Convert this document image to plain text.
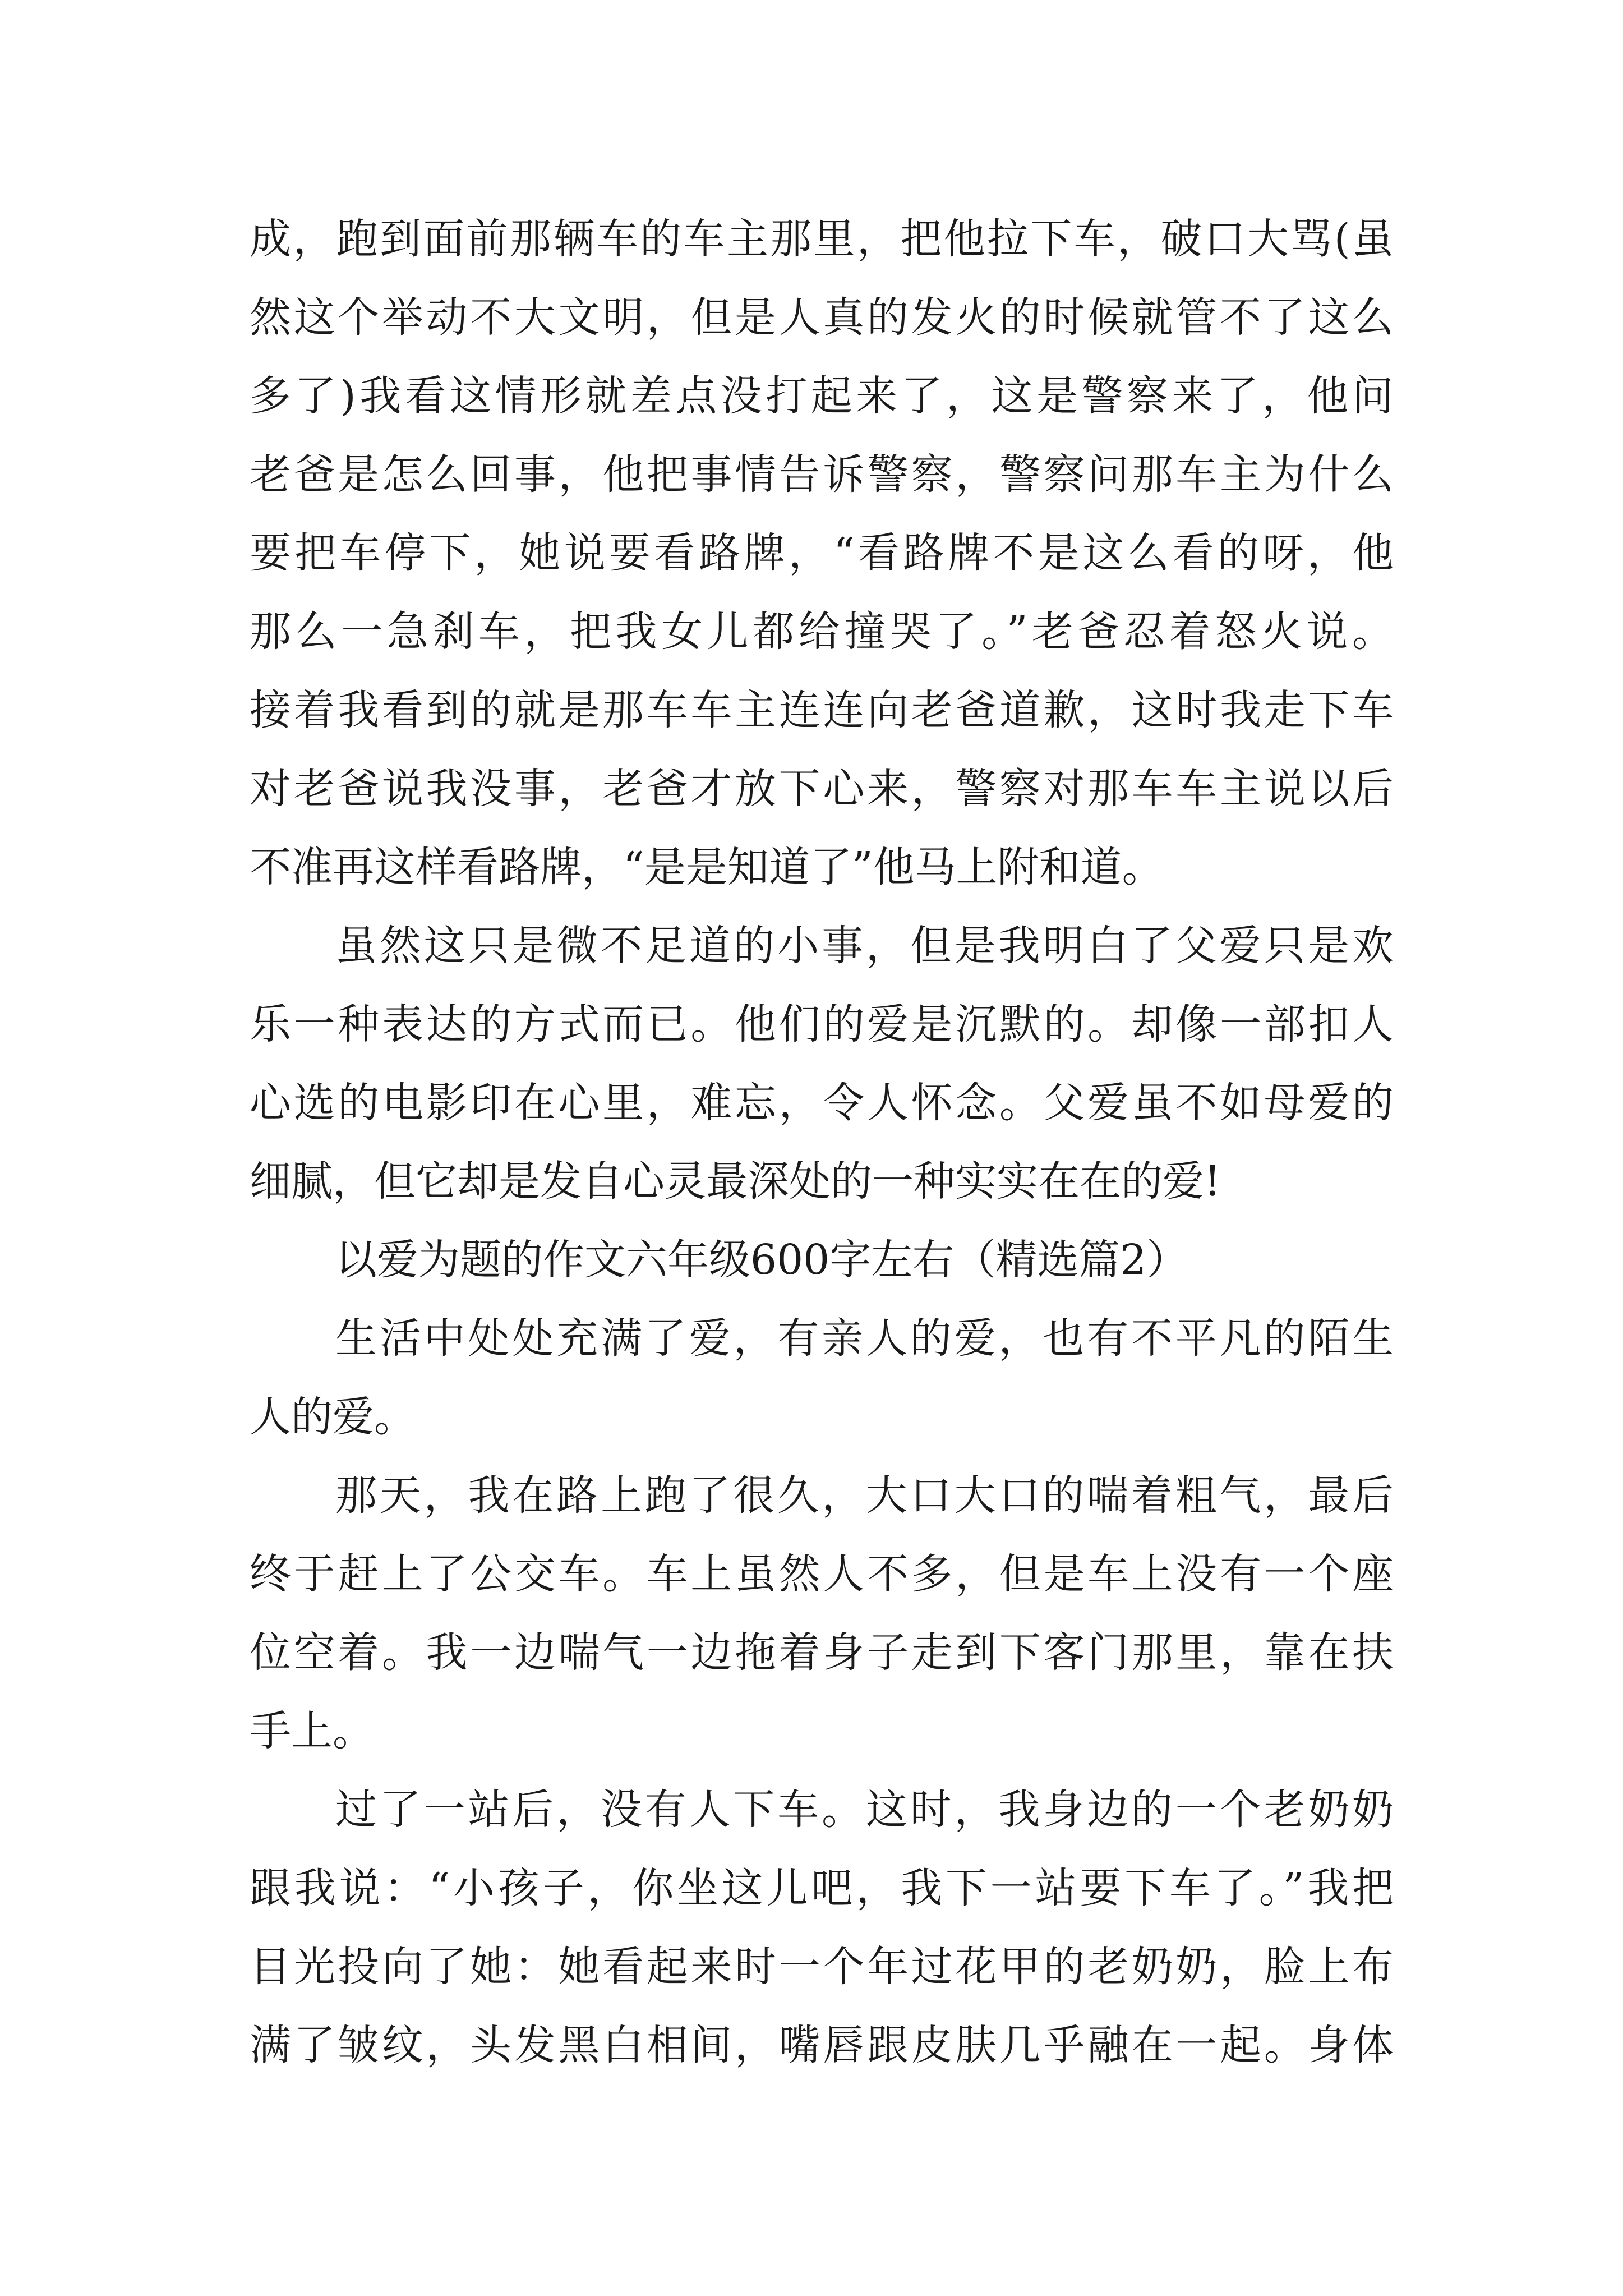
成，跑到面前那辆车的车主那里，把他拉下车，破口大骂(虽
然这个举动不大文明，但是人真的发火的时候就管不了这么
多了)我看这情形就差点没打起来了，这是警察来了，他问
老爸是怎么回事，他把事情告诉警察，警察问那车主为什么
要把车停下，她说要看路牌，“看路牌不是这么看的呀，他
那么一急刹车，把我女儿都给撞哭了。”老爸忍着怒火说。
接着我看到的就是那车车主连连向老爸道歉，这时我走下车
对老爸说我没事，老爸才放下心来，警察对那车车主说以后
不准再这样看路牌，“是是知道了”他马上附和道。
虽然这只是微不足道的小事，但是我明白了父爱只是欢
乐一种表达的方式而已。他们的爱是沉默的。却像一部扣人
心选的电影印在心里，难忘，令人怀念。父爱虽不如母爱的
细腻，但它却是发自心灵最深处的一种实实在在的爱!
以爱为题的作文六年级600字左右（精选篇2）
生活中处处充满了爱，有亲人的爱，也有不平凡的陌生
人的爱。
那天，我在路上跑了很久，大口大口的喘着粗气，最后
终于赶上了公交车。车上虽然人不多，但是车上没有一个座
位空着。我一边喘气一边拖着身子走到下客门那里，靠在扶
手上。
过了一站后，没有人下车。这时，我身边的一个老奶奶
跟我说：“小孩子，你坐这儿吧，我下一站要下车了。”我把
目光投向了她：她看起来时一个年过花甲的老奶奶，脸上布
满了皱纹，头发黑白相间，嘴唇跟皮肤几乎融在一起。身体
